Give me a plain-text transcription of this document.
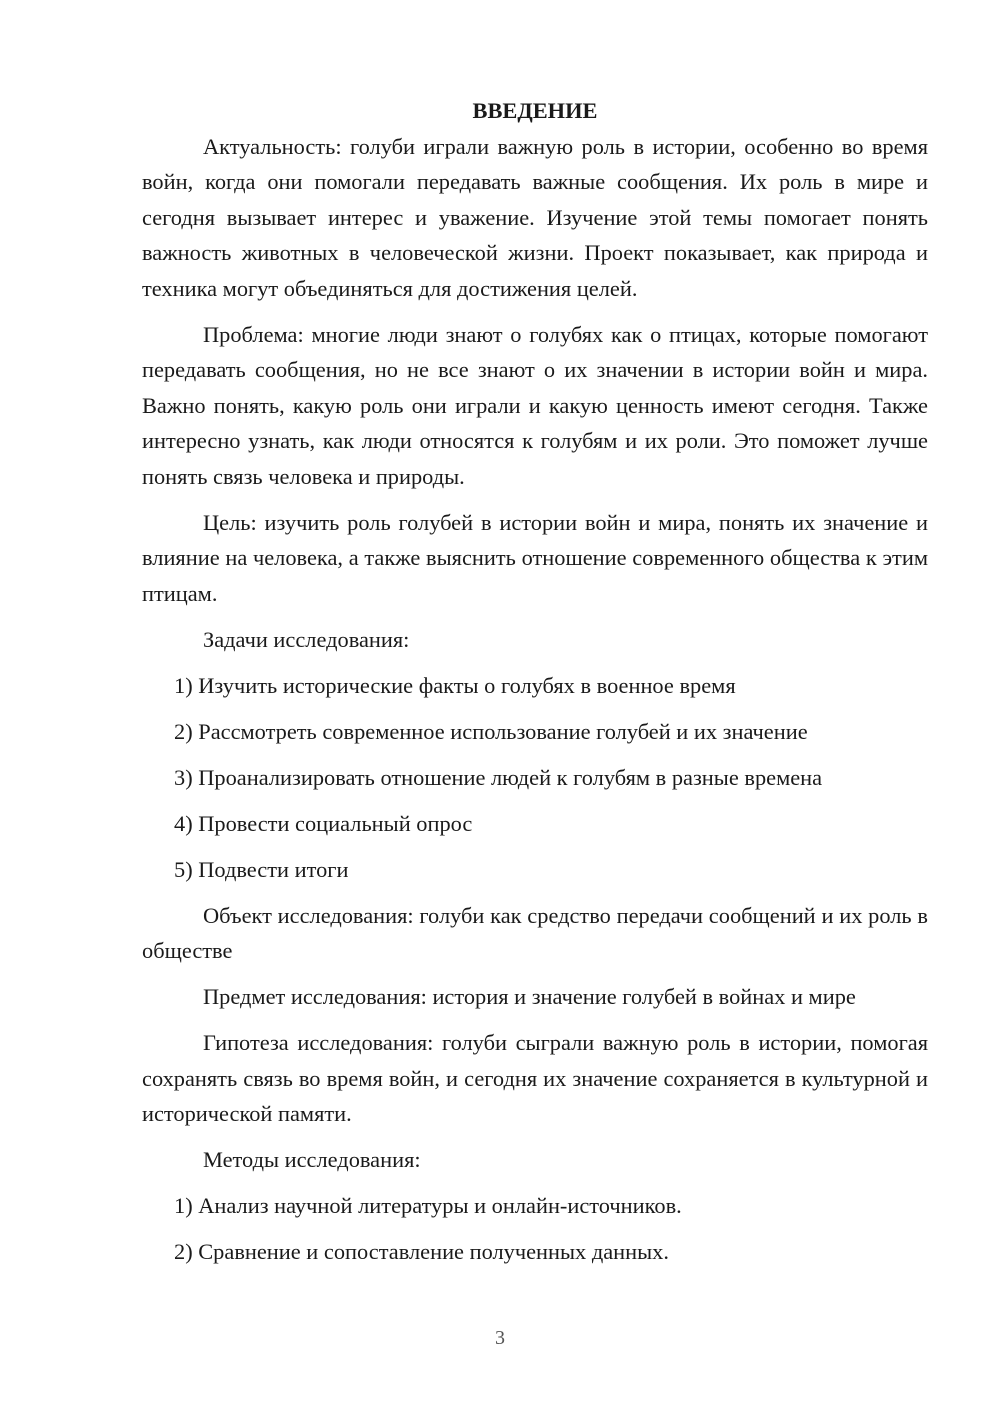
ВВЕДЕНИЕ

Актуальность: голуби играли важную роль в истории, особенно во время войн, когда они помогали передавать важные сообщения. Их роль в мире и сегодня вызывает интерес и уважение. Изучение этой темы помогает понять важность животных в человеческой жизни. Проект показывает, как природа и техника могут объединяться для достижения целей.

Проблема: многие люди знают о голубях как о птицах, которые помогают передавать сообщения, но не все знают о их значении в истории войн и мира. Важно понять, какую роль они играли и какую ценность имеют сегодня. Также интересно узнать, как люди относятся к голубям и их роли. Это поможет лучше понять связь человека и природы.

Цель: изучить роль голубей в истории войн и мира, понять их значение и влияние на человека, а также выяснить отношение современного общества к этим птицам.

Задачи исследования:

1) Изучить исторические факты о голубях в военное время

2) Рассмотреть современное использование голубей и их значение

3) Проанализировать отношение людей к голубям в разные времена

4) Провести социальный опрос

5) Подвести итоги

Объект исследования: голуби как средство передачи сообщений и их роль в обществе

Предмет исследования: история и значение голубей в войнах и мире

Гипотеза исследования: голуби сыграли важную роль в истории, помогая сохранять связь во время войн, и сегодня их значение сохраняется в культурной и исторической памяти.

Методы исследования:

1) Анализ научной литературы и онлайн-источников.

2) Сравнение и сопоставление полученных данных.

3
